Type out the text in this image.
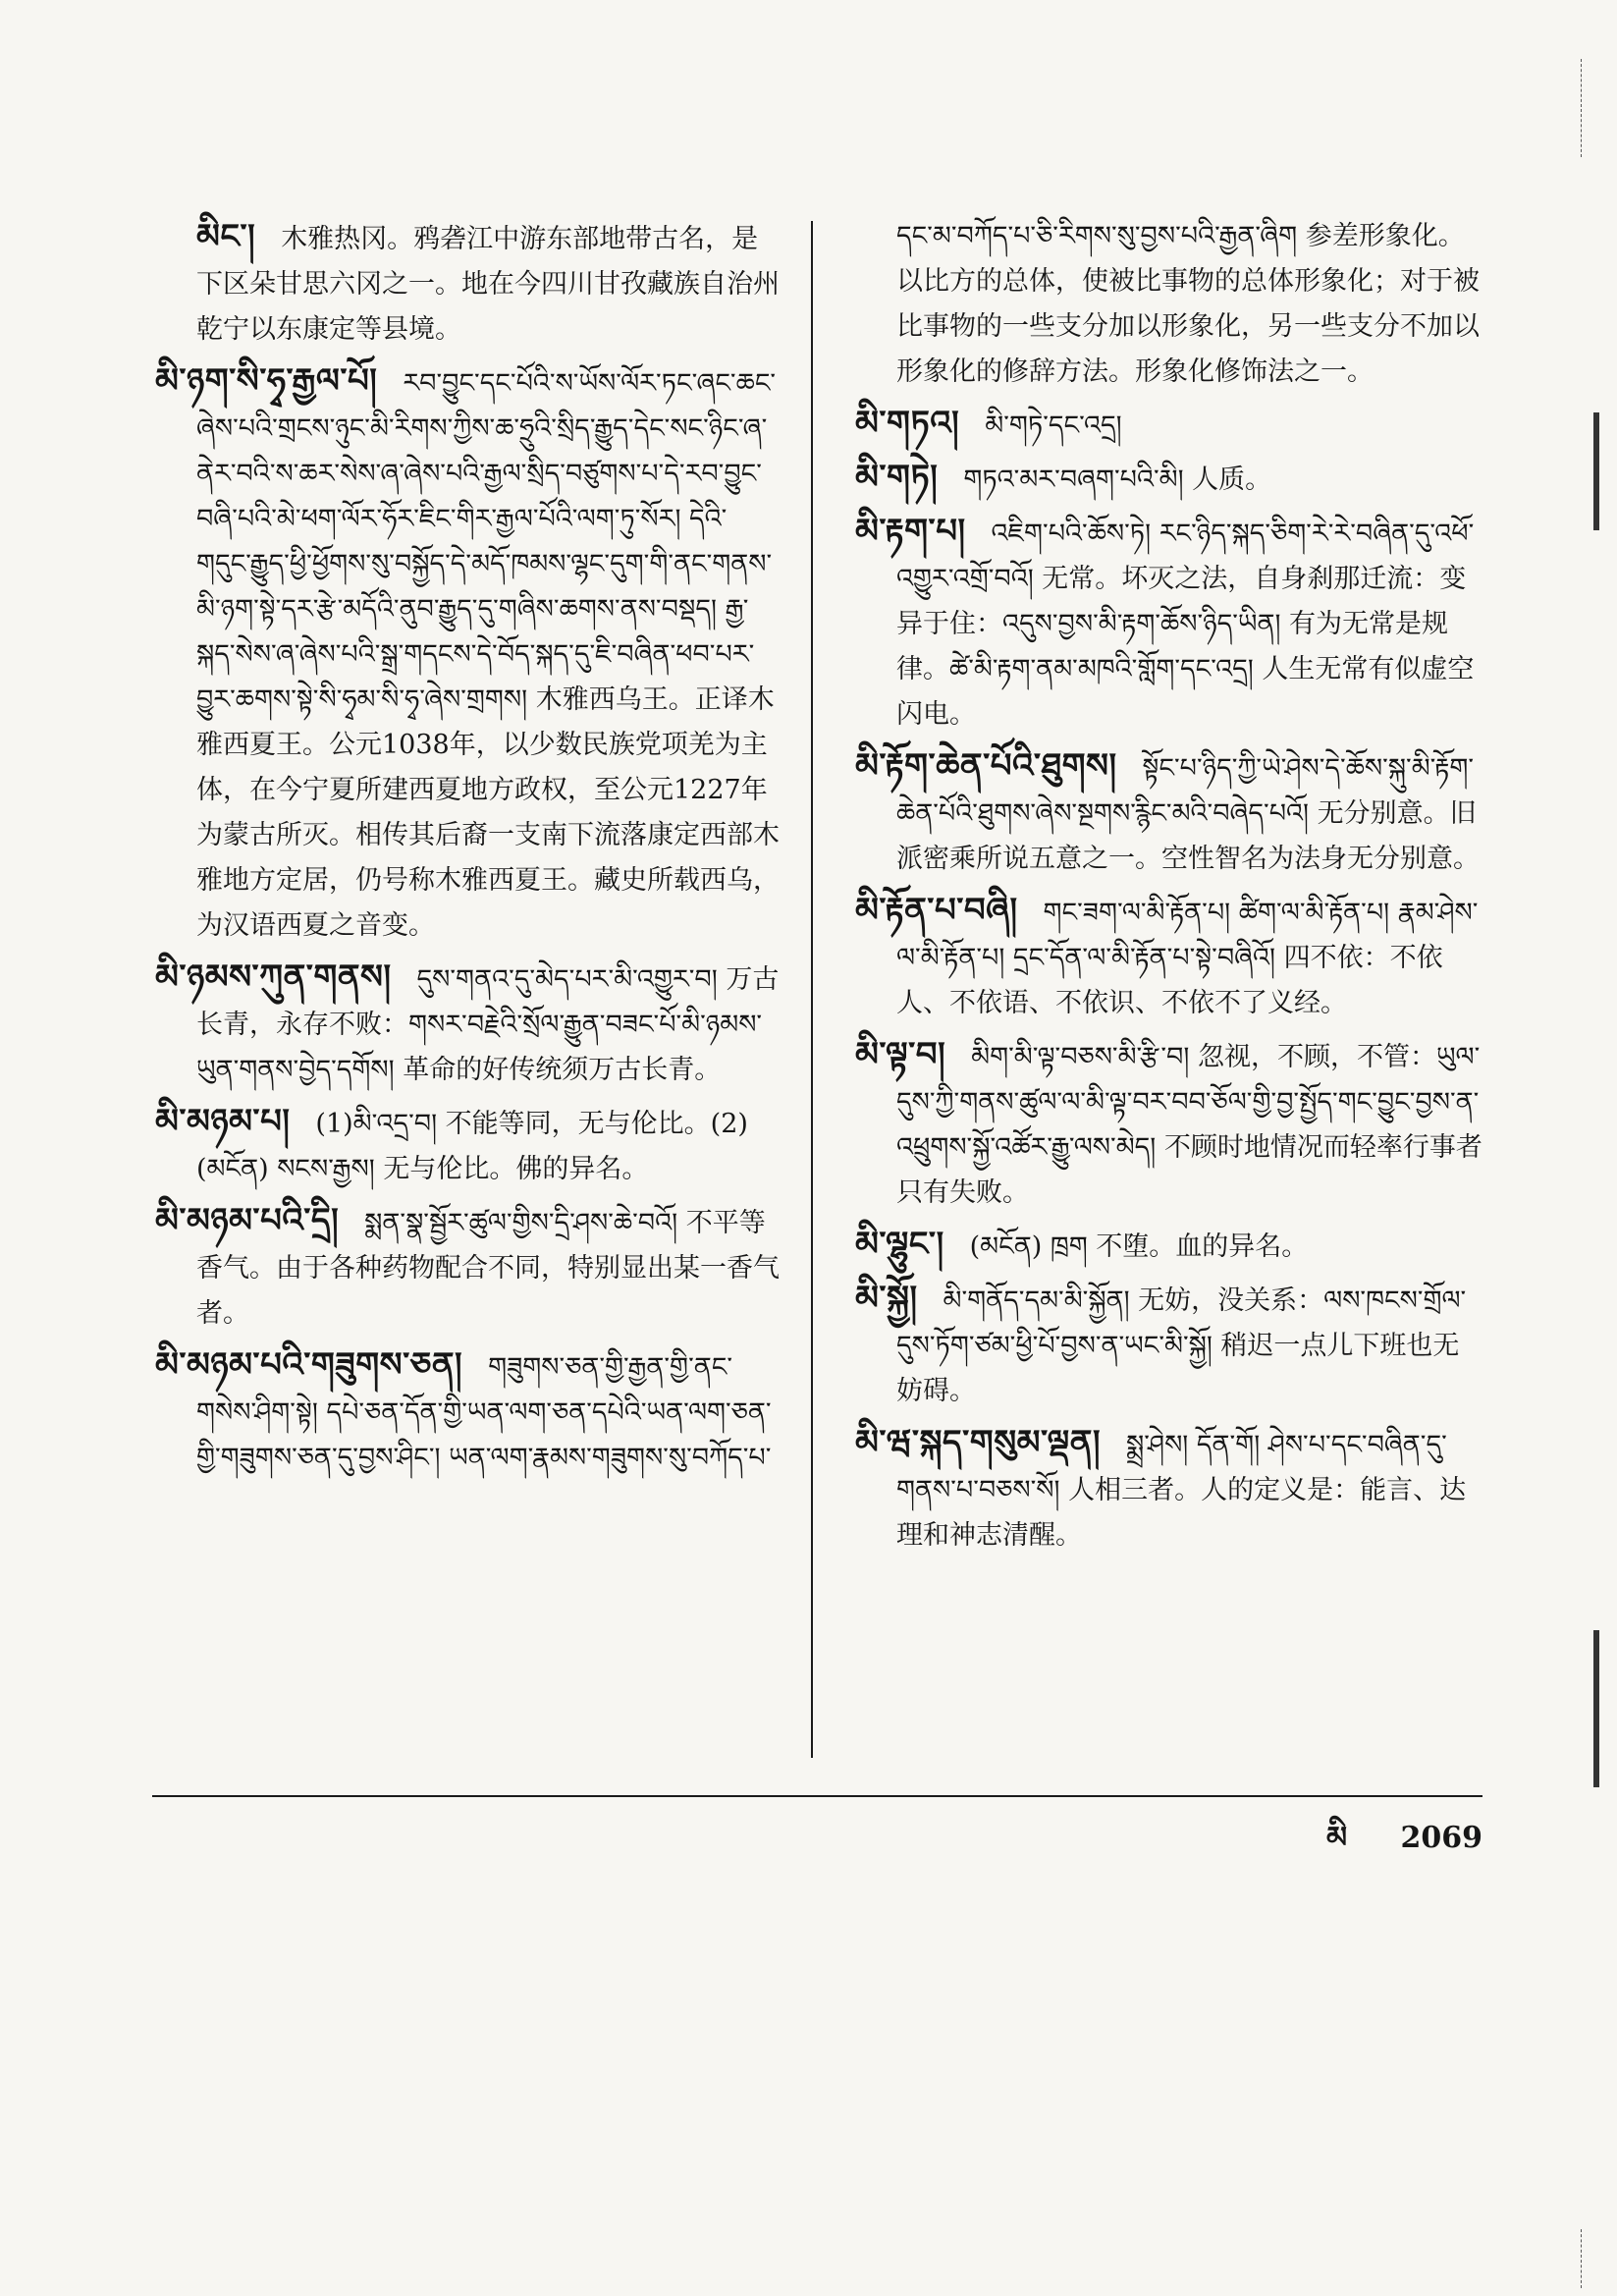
མིང་། 木雅热冈。鸦砻江中游东部地带古名，是下区朵甘思六冈之一。地在今四川甘孜藏族自治州乾宁以东康定等县境。
མི་ཉག་སི་ཧྭ་རྒྱལ་པོ། རབ་བྱུང་དང་པོའི་ས་ཡོས་ལོར་ཏང་ཞང་ཆང་ཞེས་པའི་གྲངས་ཉུང་མི་རིགས་ཀྱིས་ཆ་ཧྲུའི་སྲིད་རྒྱུད་དེང་སང་ཉིང་ཞ་ནེར་བའི་ས་ཆར་སེས་ཞ་ཞེས་པའི་རྒྱལ་སྲིད་བཙུགས་པ་དེ་རབ་བྱུང་བཞི་པའི་མེ་ཕག་ལོར་ཧོར་ཇིང་གིར་རྒྱལ་པོའི་ལག་ཏུ་སོར། དེའི་གདུང་རྒྱུད་ཕྱི་ཕྱོགས་སུ་བསྐྱོད་དེ་མདོ་ཁམས་ལྷང་དུག་གི་ནང་གནས་མི་ཉག་སྟེ་དར་རྩེ་མདོའི་ནུབ་རྒྱུད་དུ་གཞིས་ཆགས་ནས་བསྡད། རྒྱ་སྐད་སེས་ཞ་ཞེས་པའི་སྒྲ་གདངས་དེ་བོད་སྐད་དུ་ཇི་བཞིན་ཕབ་པར་བྱུར་ཆགས་སྟེ་སི་ཧྭམ་སི་ཧྭ་ཞེས་གྲགས། 木雅西乌王。正译木雅西夏王。公元1038年，以少数民族党项羌为主体，在今宁夏所建西夏地方政权，至公元1227年为蒙古所灭。相传其后裔一支南下流落康定西部木雅地方定居，仍号称木雅西夏王。藏史所载西乌，为汉语西夏之音变。
མི་ཉམས་ཀུན་གནས། དུས་གནའ་དུ་མེད་པར་མི་འགྱུར་བ། 万古长青，永存不败：གསར་བརྗེའི་སྲོལ་རྒྱུན་བཟང་པོ་མི་ཉམས་ཡུན་གནས་བྱེད་དགོས། 革命的好传统须万古长青。
མི་མཉམ་པ། (1)མི་འདྲ་བ། 不能等同，无与伦比。(2)(མངོན) སངས་རྒྱས། 无与伦比。佛的异名。
མི་མཉམ་པའི་དྲི། སྨན་སྣ་སྦྱོར་ཚུལ་གྱིས་དྲི་ཤས་ཆེ་བའོ། 不平等香气。由于各种药物配合不同，特别显出某一香气者。
མི་མཉམ་པའི་གཟུགས་ཅན། གཟུགས་ཅན་གྱི་རྒྱན་གྱི་ནང་གསེས་ཤིག་སྟེ། དཔེ་ཅན་དོན་གྱི་ཡན་ལག་ཅན་དཔེའི་ཡན་ལག་ཅན་གྱི་གཟུགས་ཅན་དུ་བྱས་ཤིང་། ཡན་ལག་རྣམས་གཟུགས་སུ་བཀོད་པ་
དང་མ་བཀོད་པ་ཅི་རིགས་སུ་བྱས་པའི་རྒྱན་ཞིག 参差形象化。以比方的总体，使被比事物的总体形象化；对于被比事物的一些支分加以形象化，另一些支分不加以形象化的修辞方法。形象化修饰法之一。
མི་གཏའ། མི་གཏེ་དང་འདྲ།
མི་གཏེ། གཏའ་མར་བཞག་པའི་མི། 人质。
མི་རྟག་པ། འཇིག་པའི་ཆོས་ཏེ། རང་ཉིད་སྐད་ཅིག་རེ་རེ་བཞིན་དུ་འཕོ་འགྱུར་འགྲོ་བའོ། 无常。坏灭之法，自身刹那迁流：变异于住：འདུས་བྱས་མི་རྟག་ཆོས་ཉིད་ཡིན། 有为无常是规律。ཚེ་མི་རྟག་ནམ་མཁའི་གློག་དང་འདྲ། 人生无常有似虚空闪电。
མི་རྟོག་ཆེན་པོའི་ཐུགས། སྟོང་པ་ཉིད་ཀྱི་ཡེ་ཤེས་དེ་ཆོས་སྐུ་མི་རྟོག་ཆེན་པོའི་ཐུགས་ཞེས་སྔགས་རྙིང་མའི་བཞེད་པའོ། 无分别意。旧派密乘所说五意之一。空性智名为法身无分别意。
མི་རྟོན་པ་བཞི། གང་ཟག་ལ་མི་རྟོན་པ། ཚིག་ལ་མི་རྟོན་པ། རྣམ་ཤེས་ལ་མི་རྟོན་པ། དྲང་དོན་ལ་མི་རྟོན་པ་སྟེ་བཞིའོ། 四不依：不依人、不依语、不依识、不依不了义经。
མི་ལྟ་བ། མིག་མི་ལྟ་བཅས་མི་རྩི་བ། 忽视，不顾，不管：ཡུལ་དུས་ཀྱི་གནས་ཚུལ་ལ་མི་ལྟ་བར་བབ་ཅོལ་གྱི་བྱ་སྤྱོད་གང་བྱུང་བྱས་ན་འཕྲུགས་སྐྱོ་འཚོར་རྒྱུ་ལས་མེད། 不顾时地情况而轻率行事者只有失败。
མི་ལྷུང་། (མངོན) ཁྲག 不堕。血的异名。
མི་སྐྱོ། མི་གནོད་དམ་མི་སྐྱོན། 无妨，没关系：ལས་ཁངས་གྲོལ་དུས་ཏོག་ཙམ་ཕྱི་པོ་བྱས་ན་ཡང་མི་སྐྱོ། 稍迟一点儿下班也无妨碍。
མི་ཝ་སྐད་གསུམ་ལྡན། སྨྲ་ཤེས། དོན་གོ། ཤེས་པ་དང་བཞིན་དུ་གནས་པ་བཅས་སོ། 人相三者。人的定义是：能言、达理和神志清醒。
མི 2069
